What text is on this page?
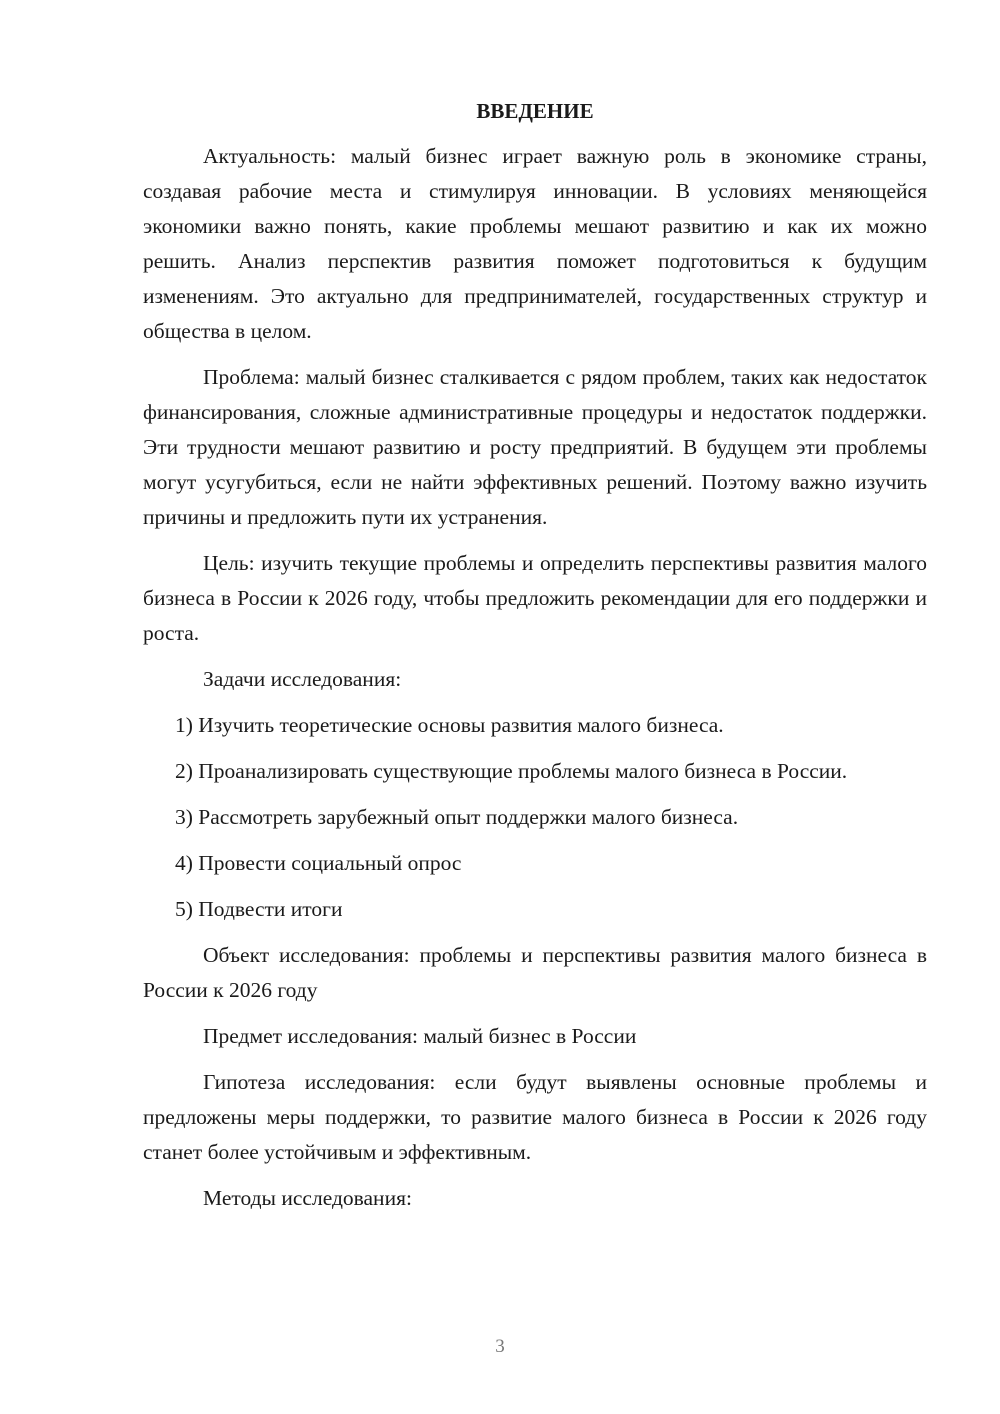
ВВЕДЕНИЕ

Актуальность: малый бизнес играет важную роль в экономике страны, создавая рабочие места и стимулируя инновации. В условиях меняющейся экономики важно понять, какие проблемы мешают развитию и как их можно решить. Анализ перспектив развития поможет подготовиться к будущим изменениям. Это актуально для предпринимателей, государственных структур и общества в целом.

Проблема: малый бизнес сталкивается с рядом проблем, таких как недостаток финансирования, сложные административные процедуры и недостаток поддержки. Эти трудности мешают развитию и росту предприятий. В будущем эти проблемы могут усугубиться, если не найти эффективных решений. Поэтому важно изучить причины и предложить пути их устранения.

Цель: изучить текущие проблемы и определить перспективы развития малого бизнеса в России к 2026 году, чтобы предложить рекомендации для его поддержки и роста.

Задачи исследования:

1) Изучить теоретические основы развития малого бизнеса.

2) Проанализировать существующие проблемы малого бизнеса в России.

3) Рассмотреть зарубежный опыт поддержки малого бизнеса.

4) Провести социальный опрос

5) Подвести итоги

Объект исследования: проблемы и перспективы развития малого бизнеса в России к 2026 году

Предмет исследования: малый бизнес в России

Гипотеза исследования: если будут выявлены основные проблемы и предложены меры поддержки, то развитие малого бизнеса в России к 2026 году станет более устойчивым и эффективным.

Методы исследования:

3
